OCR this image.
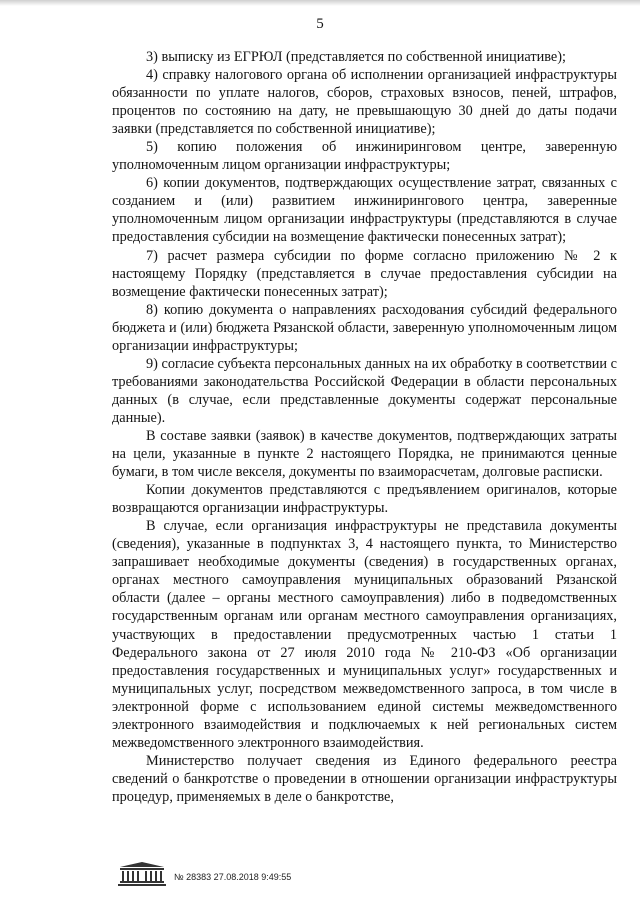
5

3) выписку из ЕГРЮЛ (представляется по собственной инициативе);

4) справку налогового органа об исполнении организацией инфраструктуры обязанности по уплате налогов, сборов, страховых взносов, пеней, штрафов, процентов по состоянию на дату, не превышающую 30 дней до даты подачи заявки (представляется по собственной инициативе);

5) копию положения об инжиниринговом центре, заверенную уполномоченным лицом организации инфраструктуры;

6) копии документов, подтверждающих осуществление затрат, связанных с созданием и (или) развитием инжинирингового центра, заверенные уполномоченным лицом организации инфраструктуры (представляются в случае предоставления субсидии на возмещение фактически понесенных затрат);

7) расчет размера субсидии по форме согласно приложению № 2 к настоящему Порядку (представляется в случае предоставления субсидии на возмещение фактически понесенных затрат);

8) копию документа о направлениях расходования субсидий федерального бюджета и (или) бюджета Рязанской области, заверенную уполномоченным лицом организации инфраструктуры;

9) согласие субъекта персональных данных на их обработку в соответствии с требованиями законодательства Российской Федерации в области персональных данных (в случае, если представленные документы содержат персональные данные).

В составе заявки (заявок) в качестве документов, подтверждающих затраты на цели, указанные в пункте 2 настоящего Порядка, не принимаются ценные бумаги, в том числе векселя, документы по взаиморасчетам, долговые расписки.

Копии документов представляются с предъявлением оригиналов, которые возвращаются организации инфраструктуры.

В случае, если организация инфраструктуры не представила документы (сведения), указанные в подпунктах 3, 4 настоящего пункта, то Министерство запрашивает необходимые документы (сведения) в государственных органах, органах местного самоуправления муниципальных образований Рязанской области (далее – органы местного самоуправления) либо в подведомственных государственным органам или органам местного самоуправления организациях, участвующих в предоставлении предусмотренных частью 1 статьи 1 Федерального закона от 27 июля 2010 года № 210-ФЗ «Об организации предоставления государственных и муниципальных услуг» государственных и муниципальных услуг, посредством межведомственного запроса, в том числе в электронной форме с использованием единой системы межведомственного электронного взаимодействия и подключаемых к ней региональных систем межведомственного электронного взаимодействия.

Министерство получает сведения из Единого федерального реестра сведений о банкротстве о проведении в отношении организации инфраструктуры процедур, применяемых в деле о банкротстве,

№ 28383 27.08.2018 9:49:55
